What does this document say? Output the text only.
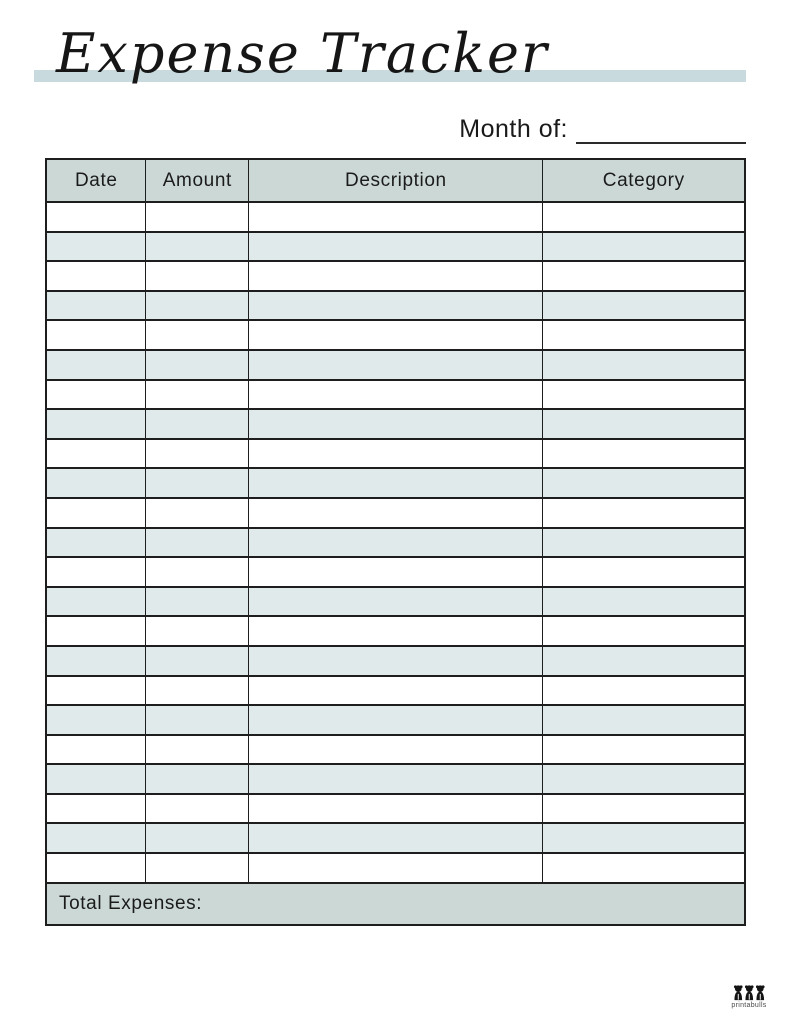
Expense Tracker
Month of:
Date	Amount	Description	Category

Total Expenses:			
printabulls
